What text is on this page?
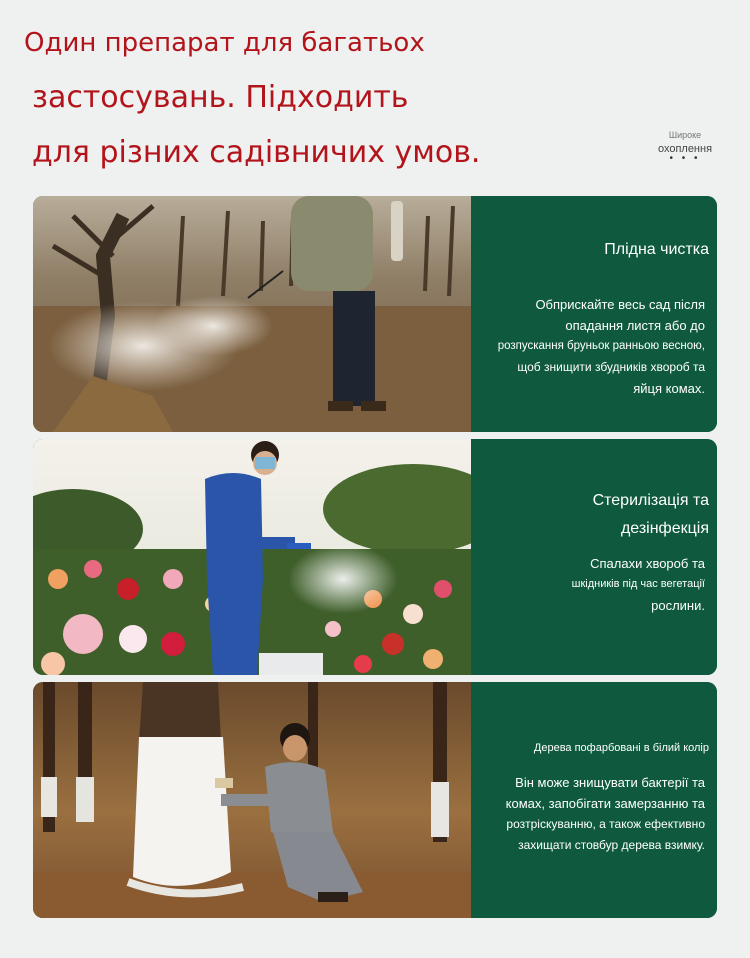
Один препарат для багатьох
застосувань. Підходить
для різних садівничих умов.	Широке
охоплення
• • •
Плідна чистка
Обприскайте весь сад після
опадання листя або до
розпускання бруньок ранньою весною,
щоб знищити збудників хвороб та
яйця комах.
Стерилізація та
дезінфекція
Спалахи хвороб та
шкідників під час вегетації
рослини.
Дерева пофарбовані в білий колір
Він може знищувати бактерії та
комах, запобігати замерзанню та
розтріскуванню, а також ефективно
захищати стовбур дерева взимку.
